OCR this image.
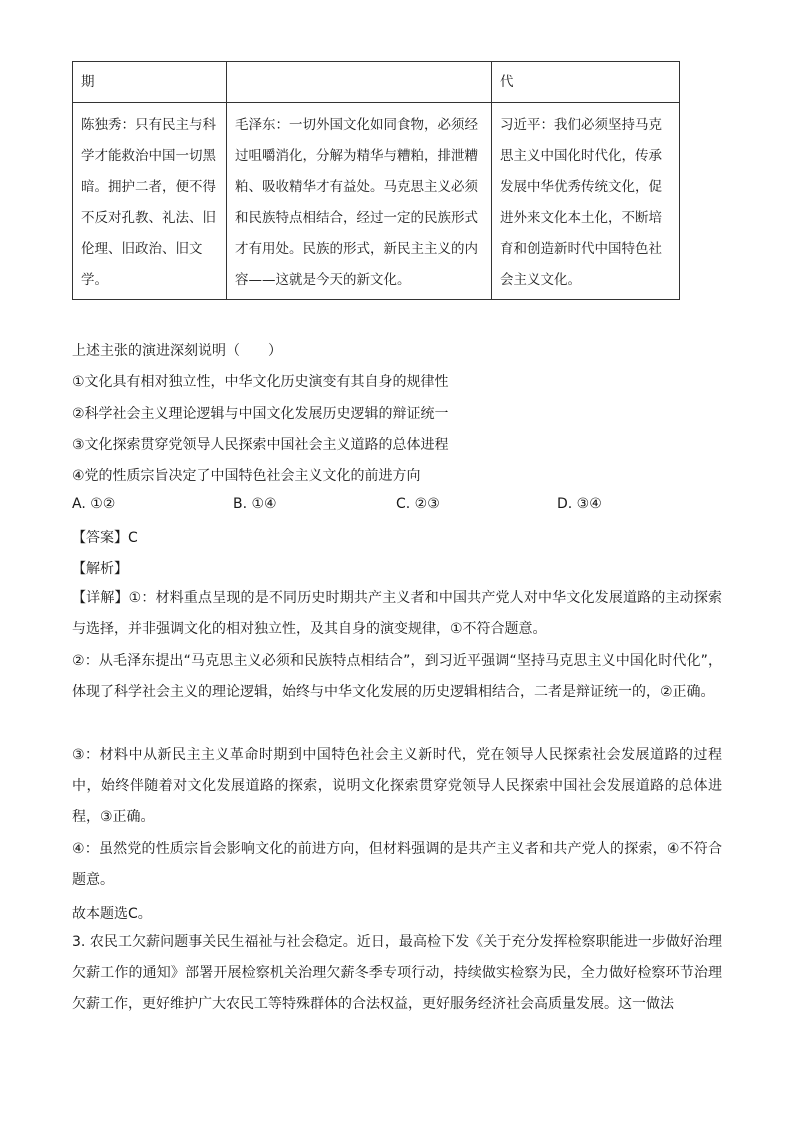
期		代
陈独秀：只有民主与科学才能救治中国一切黑暗。拥护二者，便不得不反对孔教、礼法、旧伦理、旧政治、旧文学。	毛泽东：一切外国文化如同食物，必须经过咀嚼消化，分解为精华与糟粕，排泄糟粕、吸收精华才有益处。马克思主义必须和民族特点相结合，经过一定的民族形式才有用处。民族的形式，新民主主义的内容——这就是今天的新文化。	习近平：我们必须坚持马克思主义中国化时代化，传承发展中华优秀传统文化，促进外来文化本土化，不断培育和创造新时代中国特色社会主义文化。
上述主张的演进深刻说明（　　）
①文化具有相对独立性，中华文化历史演变有其自身的规律性
②科学社会主义理论逻辑与中国文化发展历史逻辑的辩证统一
③文化探索贯穿党领导人民探索中国社会主义道路的总体进程
④党的性质宗旨决定了中国特色社会主义文化的前进方向
A. ①②	B. ①④	C. ②③	D. ③④
【答案】C
【解析】
【详解】①：材料重点呈现的是不同历史时期共产主义者和中国共产党人对中华文化发展道路的主动探索与选择，并非强调文化的相对独立性，及其自身的演变规律，①不符合题意。
②：从毛泽东提出“马克思主义必须和民族特点相结合”，到习近平强调“坚持马克思主义中国化时代化”，体现了科学社会主义的理论逻辑，始终与中华文化发展的历史逻辑相结合，二者是辩证统一的，②正确。
③：材料中从新民主主义革命时期到中国特色社会主义新时代，党在领导人民探索社会发展道路的过程中，始终伴随着对文化发展道路的探索，说明文化探索贯穿党领导人民探索中国社会发展道路的总体进程，③正确。
④：虽然党的性质宗旨会影响文化的前进方向，但材料强调的是共产主义者和共产党人的探索，④不符合题意。
故本题选C。
3. 农民工欠薪问题事关民生福祉与社会稳定。近日，最高检下发《关于充分发挥检察职能进一步做好治理欠薪工作的通知》部署开展检察机关治理欠薪冬季专项行动，持续做实检察为民，全力做好检察环节治理欠薪工作，更好维护广大农民工等特殊群体的合法权益，更好服务经济社会高质量发展。这一做法
